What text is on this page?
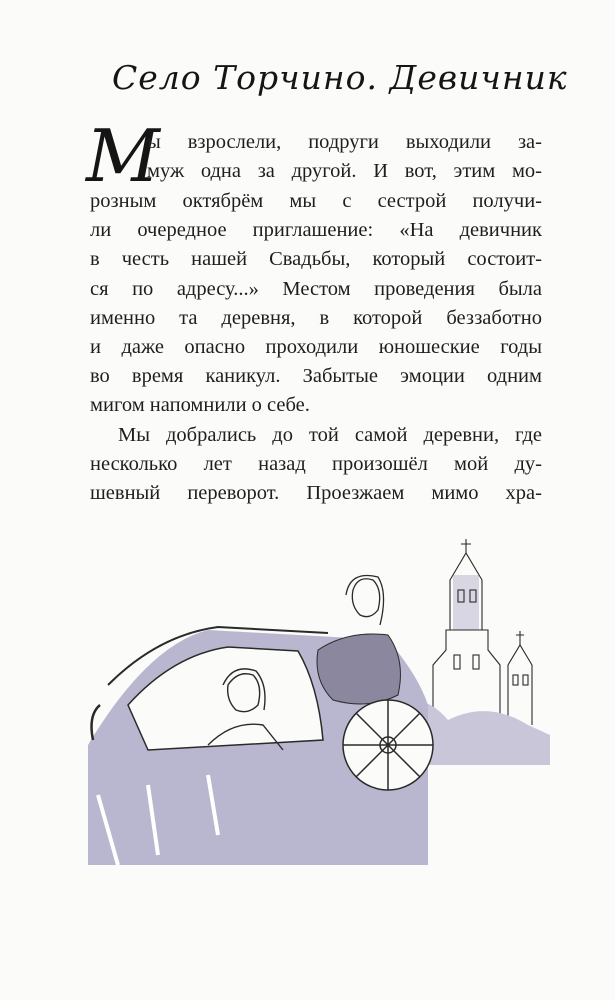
Село Торчино. Девичник
М
ы взрослели, подруги выходили за-
муж одна за другой. И вот, этим мо-
розным октябрём мы с сестрой получи-
ли очередное приглашение: «На девичник
в честь нашей Свадьбы, который состоит-
ся по адресу...» Местом проведения была
именно та деревня, в которой беззаботно
и даже опасно проходили юношеские годы
во время каникул. Забытые эмоции одним
мигом напомнили о себе.
Мы добрались до той самой деревни, где
несколько лет назад произошёл мой ду-
шевный переворот. Проезжаем мимо хра-
